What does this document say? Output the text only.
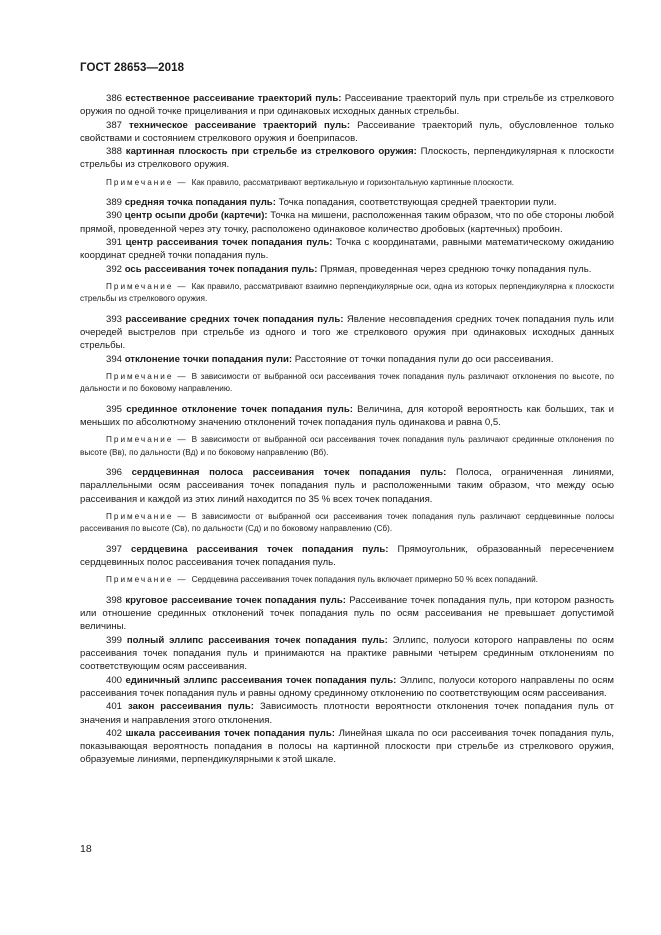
ГОСТ 28653—2018

386 естественное рассеивание траекторий пуль: Рассеивание траекторий пуль при стрельбе из стрелкового оружия по одной точке прицеливания и при одинаковых исходных данных стрельбы.

387 техническое рассеивание траекторий пуль: Рассеивание траекторий пуль, обусловленное только свойствами и состоянием стрелкового оружия и боеприпасов.

388 картинная плоскость при стрельбе из стрелкового оружия: Плоскость, перпендикулярная к плоскости стрельбы из стрелкового оружия.

Примечание — Как правило, рассматривают вертикальную и горизонтальную картинные плоскости.

389 средняя точка попадания пуль: Точка попадания, соответствующая средней траектории пули.

390 центр осыпи дроби (картечи): Точка на мишени, расположенная таким образом, что по обе стороны любой прямой, проведенной через эту точку, расположено одинаковое количество дробовых (картечных) пробоин.

391 центр рассеивания точек попадания пуль: Точка с координатами, равными математическому ожиданию координат средней точки попадания пуль.

392 ось рассеивания точек попадания пуль: Прямая, проведенная через среднюю точку попадания пуль.

Примечание — Как правило, рассматривают взаимно перпендикулярные оси, одна из которых перпендикулярна к плоскости стрельбы из стрелкового оружия.

393 рассеивание средних точек попадания пуль: Явление несовпадения средних точек попадания пуль или очередей выстрелов при стрельбе из одного и того же стрелкового оружия при одинаковых исходных данных стрельбы.

394 отклонение точки попадания пули: Расстояние от точки попадания пули до оси рассеивания.

Примечание — В зависимости от выбранной оси рассеивания точек попадания пуль различают отклонения по высоте, по дальности и по боковому направлению.

395 срединное отклонение точек попадания пуль: Величина, для которой вероятность как больших, так и меньших по абсолютному значению отклонений точек попадания пуль одинакова и равна 0,5.

Примечание — В зависимости от выбранной оси рассеивания точек попадания пуль различают срединные отклонения по высоте (Вв), по дальности (Вд) и по боковому направлению (Вб).

396 сердцевинная полоса рассеивания точек попадания пуль: Полоса, ограниченная линиями, параллельными осям рассеивания точек попадания пуль и расположенными таким образом, что между осью рассеивания и каждой из этих линий находится по 35 % всех точек попадания.

Примечание — В зависимости от выбранной оси рассеивания точек попадания пуль различают сердцевинные полосы рассеивания по высоте (Св), по дальности (Сд) и по боковому направлению (Сб).

397 сердцевина рассеивания точек попадания пуль: Прямоугольник, образованный пересечением сердцевинных полос рассеивания точек попадания пуль.

Примечание — Сердцевина рассеивания точек попадания пуль включает примерно 50 % всех попаданий.

398 круговое рассеивание точек попадания пуль: Рассеивание точек попадания пуль, при котором разность или отношение срединных отклонений точек попадания пуль по осям рассеивания не превышает допустимой величины.

399 полный эллипс рассеивания точек попадания пуль: Эллипс, полуоси которого направлены по осям рассеивания точек попадания пуль и принимаются на практике равными четырем срединным отклонениям по соответствующим осям рассеивания.

400 единичный эллипс рассеивания точек попадания пуль: Эллипс, полуоси которого направлены по осям рассеивания точек попадания пуль и равны одному срединному отклонению по соответствующим осям рассеивания.

401 закон рассеивания пуль: Зависимость плотности вероятности отклонения точек попадания пуль от значения и направления этого отклонения.

402 шкала рассеивания точек попадания пуль: Линейная шкала по оси рассеивания точек попадания пуль, показывающая вероятность попадания в полосы на картинной плоскости при стрельбе из стрелкового оружия, образуемые линиями, перпендикулярными к этой шкале.

18
